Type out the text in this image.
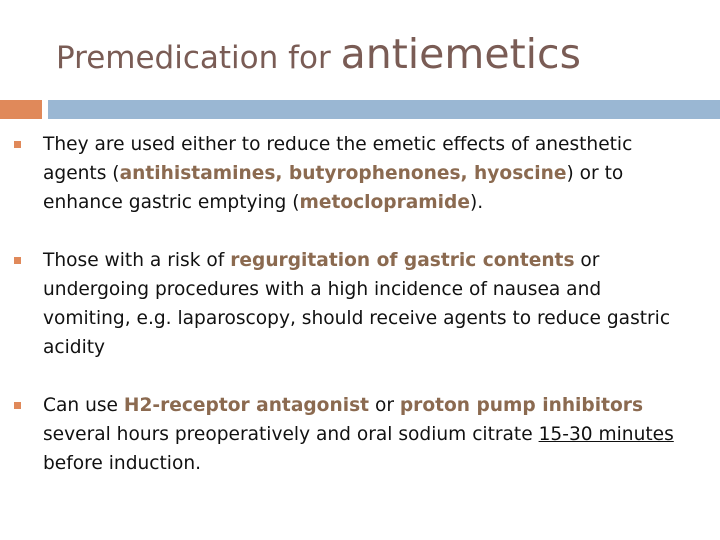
Premedication for antiemetics
They are used either to reduce the emetic effects of anesthetic agents (antihistamines, butyrophenones, hyoscine) or to enhance gastric emptying (metoclopramide).
Those with a risk of regurgitation of gastric contents or undergoing procedures with a high incidence of nausea and vomiting, e.g. laparoscopy, should receive agents to reduce gastric acidity
Can use H2-receptor antagonist or proton pump inhibitors several hours preoperatively and oral sodium citrate 15-30 minutes before induction.
